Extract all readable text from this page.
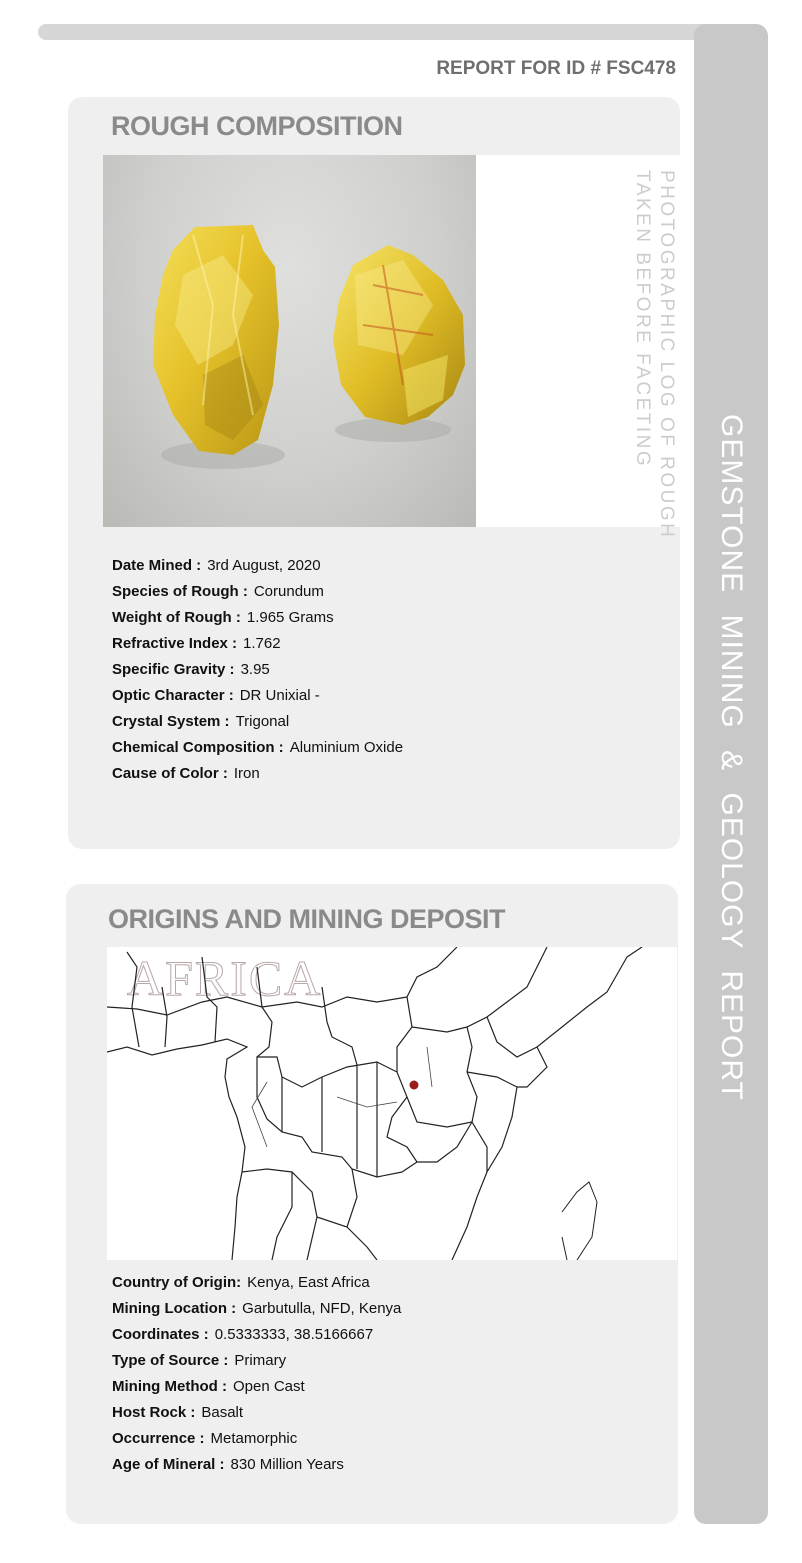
GEMSTONE MINING & GEOLOGY REPORT
REPORT FOR ID # FSC478
ROUGH COMPOSITION
PHOTOGRAPHIC LOG OF ROUGH
TAKEN BEFORE FACETING
Date Mined : 3rd August, 2020
Species of Rough : Corundum
Weight of Rough : 1.965 Grams
Refractive Index : 1.762
Specific Gravity : 3.95
Optic Character : DR Unixial -
Crystal System : Trigonal
Chemical Composition : Aluminium Oxide
Cause of Color : Iron
ORIGINS AND MINING DEPOSIT
AFRICA
Country of Origin: Kenya, East Africa
Mining Location : Garbutulla, NFD, Kenya
Coordinates : 0.5333333, 38.5166667
Type of Source : Primary
Mining Method : Open Cast
Host Rock : Basalt
Occurrence : Metamorphic
Age of Mineral : 830 Million Years
